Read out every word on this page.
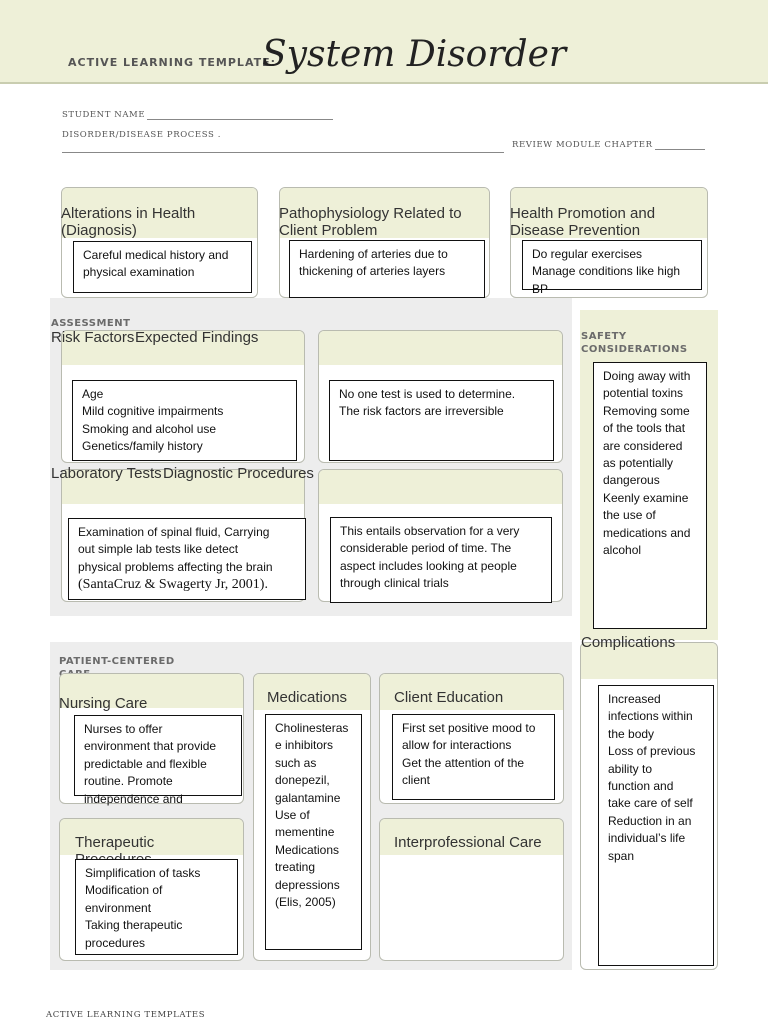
ACTIVE LEARNING TEMPLATE:
System Disorder
STUDENT NAME
DISORDER/DISEASE PROCESS .
REVIEW MODULE CHAPTER
Alterations in Health (Diagnosis)
Careful medical history and
physical examination
Pathophysiology Related to Client Problem
Hardening of arteries due to
thickening of arteries layers
Health Promotion and Disease Prevention
Do regular exercises
Manage conditions like high
BP
ASSESSMENT
Risk Factors Expected Findings
Age
Mild cognitive impairments
Smoking and alcohol use
Genetics/family history
No one test is used to determine.
The risk factors are irreversible
Laboratory Tests Diagnostic Procedures
Examination of spinal fluid, Carrying
out simple lab tests like detect
physical problems affecting the brain
(SantaCruz & Swagerty Jr, 2001).
This entails observation for a very
considerable period of time. The
aspect includes looking at people
through clinical trials
SAFETY CONSIDERATIONS
Doing away with
potential toxins
Removing some
of the tools that
are considered
as potentially
dangerous
Keenly examine
the use of
medications and
alcohol
Complications
Increased
infections within
the body
Loss of previous
ability to
function and
take care of self
Reduction in an
individual’s life
span
PATIENT-CENTERED
Nursing Care
Nurses to offer
environment that provide
predictable and flexible
routine. Promote
independence and
Medications
Cholinesteras
e inhibitors
such as
donepezil,
galantamine
Use of
mementine
Medications
treating
depressions
(Elis, 2005)
Client Education
First set positive mood to
allow for interactions
Get the attention of the
client
Therapeutic
Simplification of tasks
Modification of
environment
Taking therapeutic
procedures
Interprofessional Care
ACTIVE LEARNING TEMPLATES
